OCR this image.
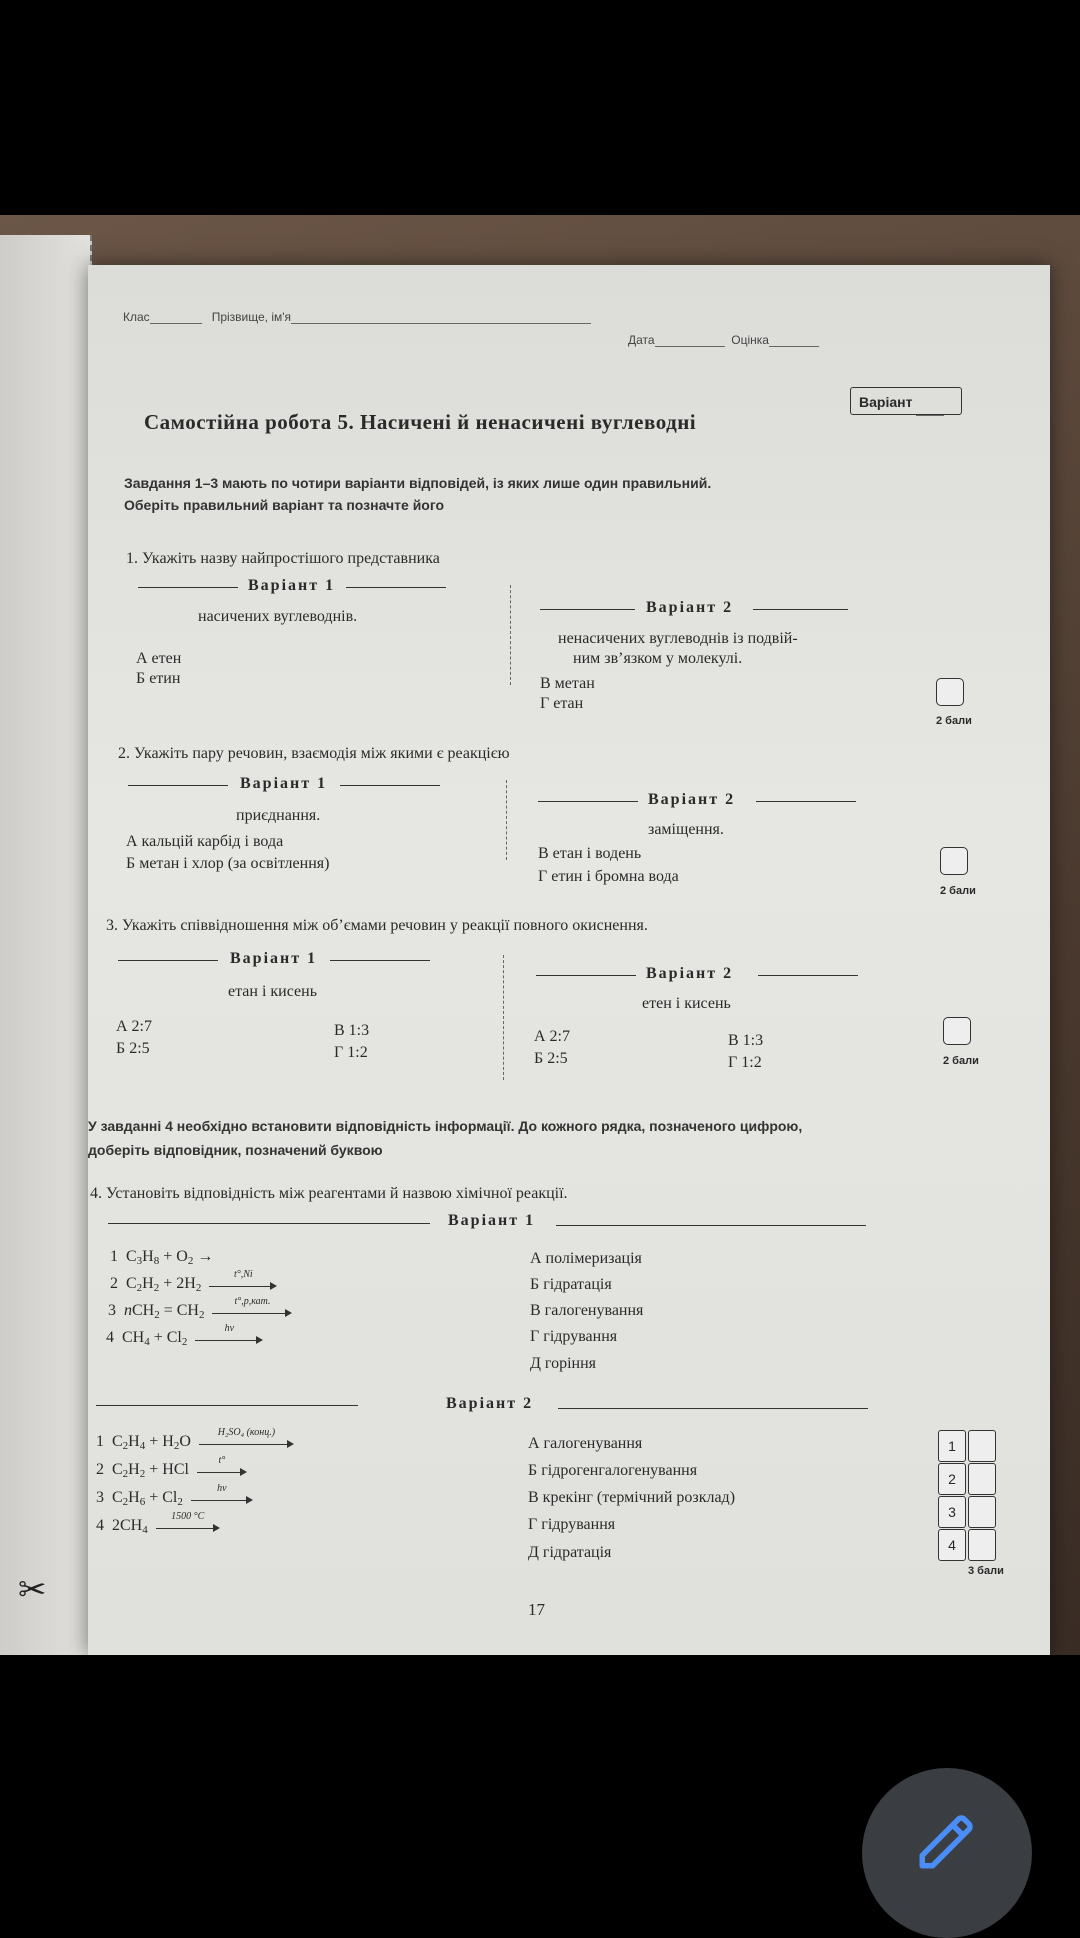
✂
Клас	Прізвище, ім'я
Дата	Оцінка
Варіант
Самостійна робота 5. Насичені й ненасичені вуглеводні
Завдання 1–3 мають по чотири варіанти відповідей, із яких лише один правильний.
Оберіть правильний варіант та позначте його
1. Укажіть назву найпростішого представника
Варіант 1
насичених вуглеводнів.
Варіант 2
ненасичених вуглеводнів із подвій-
ним зв’язком у молекулі.
А етен
Б етин	В метан
Г етан
2 бали
2. Укажіть пару речовин, взаємодія між якими є реакцією
Варіант 1
приєднання.
Варіант 2
заміщення.
А кальцій карбід і вода
Б метан і хлор (за освітлення)
В етан і водень
Г етин і бромна вода
2 бали
3. Укажіть співвідношення між об’ємами речовин у реакції повного окиснення.
Варіант 1
етан і кисень
Варіант 2
етен і кисень
А 2:7
Б 2:5
В 1:3
Г 1:2
А 2:7
Б 2:5
В 1:3
Г 1:2	2 бали
У завданні 4 необхідно встановити відповідність інформації. До кожного рядка, позначеного цифрою,
доберіть відповідник, позначений буквою
4. Установіть відповідність між реагентами й назвою хімічної реакції.
Варіант 1
1  $C_3H_8 + O_2$ →
2  $C_2H_2 + 2H_2$
t°,Ni
3 $nCH_2 = CH_2$
t°,p,кат.
4  $CH_4 + Cl_2$
hv
А полімеризація
Б гідратація
В галогенування
Г гідрування
Д горіння
Варіант 2
1  $C_2H_4 + H_2O$
H₂SO₄ (конц.)
2  $C_2H_2$ + HCl
t°
3  $C_2H_6 + Cl_2$
hv
4  $2CH_4$
1500 °C
А галогенування
Б гідрогенгалогенування
В крекінг (термічний розклад)
Г гідрування
Д гідратація
1
2
3
4
3 бали
17
